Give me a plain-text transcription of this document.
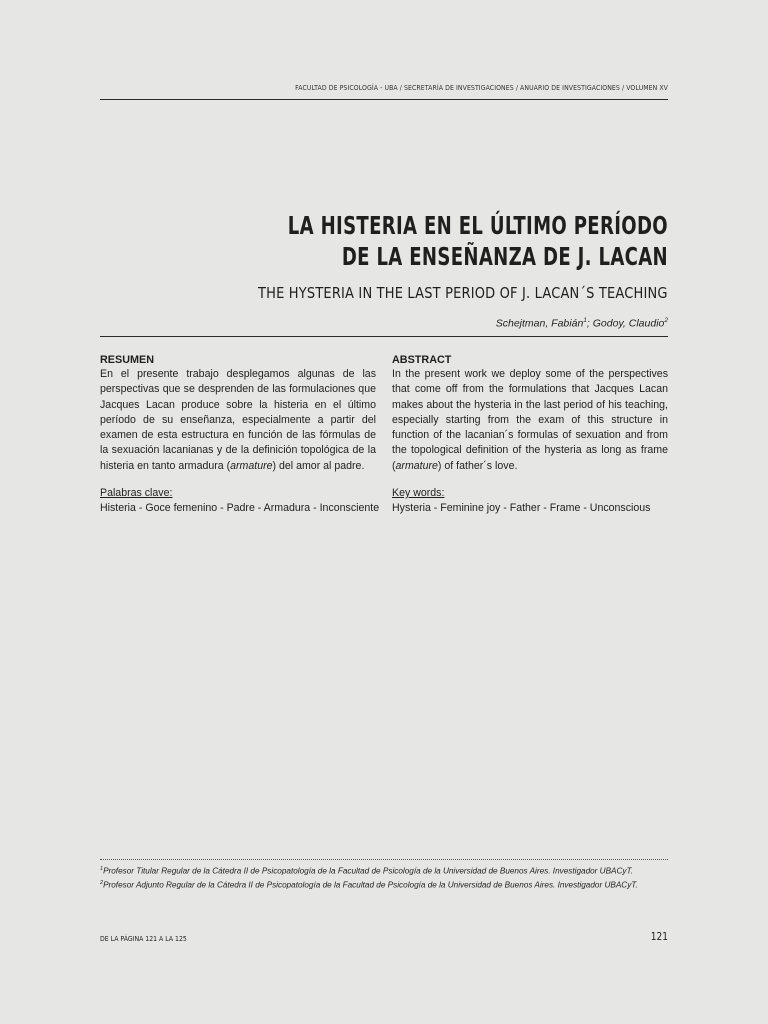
FACULTAD DE PSICOLOGÍA - UBA / SECRETARÍA DE INVESTIGACIONES / ANUARIO DE INVESTIGACIONES / VOLUMEN XV
LA HISTERIA EN EL ÚLTIMO PERÍODO
DE LA ENSEÑANZA DE J. LACAN
THE HYSTERIA IN THE LAST PERIOD OF J. LACAN´S TEACHING
Schejtman, Fabián$^1$; Godoy, Claudio$^2$
RESUMEN

En el presente trabajo desplegamos algunas de las perspectivas que se desprenden de las formulaciones que Jacques Lacan produce sobre la histeria en el último período de su enseñanza, especialmente a partir del examen de esta estructura en función de las fórmulas de la sexuación lacanianas y de la definición topológica de la histeria en tanto armadura (armature) del amor al padre.

Palabras clave:

Histeria - Goce femenino - Padre - Armadura - Inconsciente

ABSTRACT

In the present work we deploy some of the perspectives that come off from the formulations that Jacques Lacan makes about the hysteria in the last period of his teaching, especially starting from the exam of this structure in function of the lacanian´s formulas of sexuation and from the topological definition of the hysteria as long as frame (armature) of father´s love.

Key words:

Hysteria - Feminine joy - Father - Frame - Unconscious

$^1$Profesor Titular Regular de la Cátedra II de Psicopatología de la Facultad de Psicología de la Universidad de Buenos Aires. Investigador UBACyT.

$^2$Profesor Adjunto Regular de la Cátedra II de Psicopatología de la Facultad de Psicología de la Universidad de Buenos Aires. Investigador UBACyT.

DE LA PÁGINA 121 A LA 125	121
